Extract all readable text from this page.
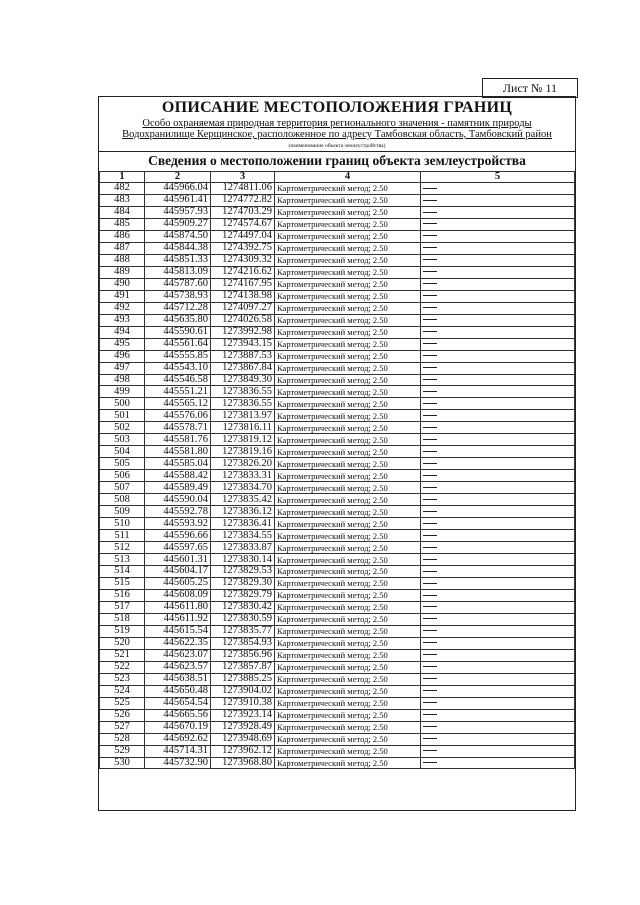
Лист № 11
ОПИСАНИЕ МЕСТОПОЛОЖЕНИЯ ГРАНИЦ
Особо охраняемая природная территория регионального значения - памятник природы
Водохранилище Керщинское, расположенное по адресу Тамбовская область, Тамбовский район
(наименование объекта землеустройства)
Сведения о местоположении границ объекта землеустройства
1	2	3	4	5
482	445966.04	1274811.06	Картометрический метод; 2.50	
483	445961.41	1274772.82	Картометрический метод; 2.50	
484	445957.93	1274703.29	Картометрический метод; 2.50	
485	445909.27	1274574.67	Картометрический метод; 2.50	
486	445874.50	1274497.04	Картометрический метод; 2.50	
487	445844.38	1274392.75	Картометрический метод; 2.50	
488	445851.33	1274309.32	Картометрический метод; 2.50	
489	445813.09	1274216.62	Картометрический метод; 2.50	
490	445787.60	1274167.95	Картометрический метод; 2.50	
491	445738.93	1274138.98	Картометрический метод; 2.50	
492	445712.28	1274097.27	Картометрический метод; 2.50	
493	445635.80	1274026.58	Картометрический метод; 2.50	
494	445590.61	1273992.98	Картометрический метод; 2.50	
495	445561.64	1273943.15	Картометрический метод; 2.50	
496	445555.85	1273887.53	Картометрический метод; 2.50	
497	445543.10	1273867.84	Картометрический метод; 2.50	
498	445546.58	1273849.30	Картометрический метод; 2.50	
499	445551.21	1273836.55	Картометрический метод; 2.50	
500	445565.12	1273836.55	Картометрический метод; 2.50	
501	445576.06	1273813.97	Картометрический метод; 2.50	
502	445578.71	1273816.11	Картометрический метод; 2.50	
503	445581.76	1273819.12	Картометрический метод; 2.50	
504	445581.80	1273819.16	Картометрический метод; 2.50	
505	445585.04	1273826.20	Картометрический метод; 2.50	
506	445588.42	1273833.31	Картометрический метод; 2.50	
507	445589.49	1273834.70	Картометрический метод; 2.50	
508	445590.04	1273835.42	Картометрический метод; 2.50	
509	445592.78	1273836.12	Картометрический метод; 2.50	
510	445593.92	1273836.41	Картометрический метод; 2.50	
511	445596.66	1273834.55	Картометрический метод; 2.50	
512	445597.65	1273833.87	Картометрический метод; 2.50	
513	445601.31	1273830.14	Картометрический метод; 2.50	
514	445604.17	1273829.53	Картометрический метод; 2.50	
515	445605.25	1273829.30	Картометрический метод; 2.50	
516	445608.09	1273829.79	Картометрический метод; 2.50	
517	445611.80	1273830.42	Картометрический метод; 2.50	
518	445611.92	1273830.59	Картометрический метод; 2.50	
519	445615.54	1273835.77	Картометрический метод; 2.50	
520	445622.35	1273854.93	Картометрический метод; 2.50	
521	445623.07	1273856.96	Картометрический метод; 2.50	
522	445623.57	1273857.87	Картометрический метод; 2.50	
523	445638.51	1273885.25	Картометрический метод; 2.50	
524	445650.48	1273904.02	Картометрический метод; 2.50	
525	445654.54	1273910.38	Картометрический метод; 2.50	
526	445665.56	1273923.14	Картометрический метод; 2.50	
527	445670.19	1273928.49	Картометрический метод; 2.50	
528	445692.62	1273948.69	Картометрический метод; 2.50	
529	445714.31	1273962.12	Картометрический метод; 2.50	
530	445732.90	1273968.80	Картометрический метод; 2.50	
